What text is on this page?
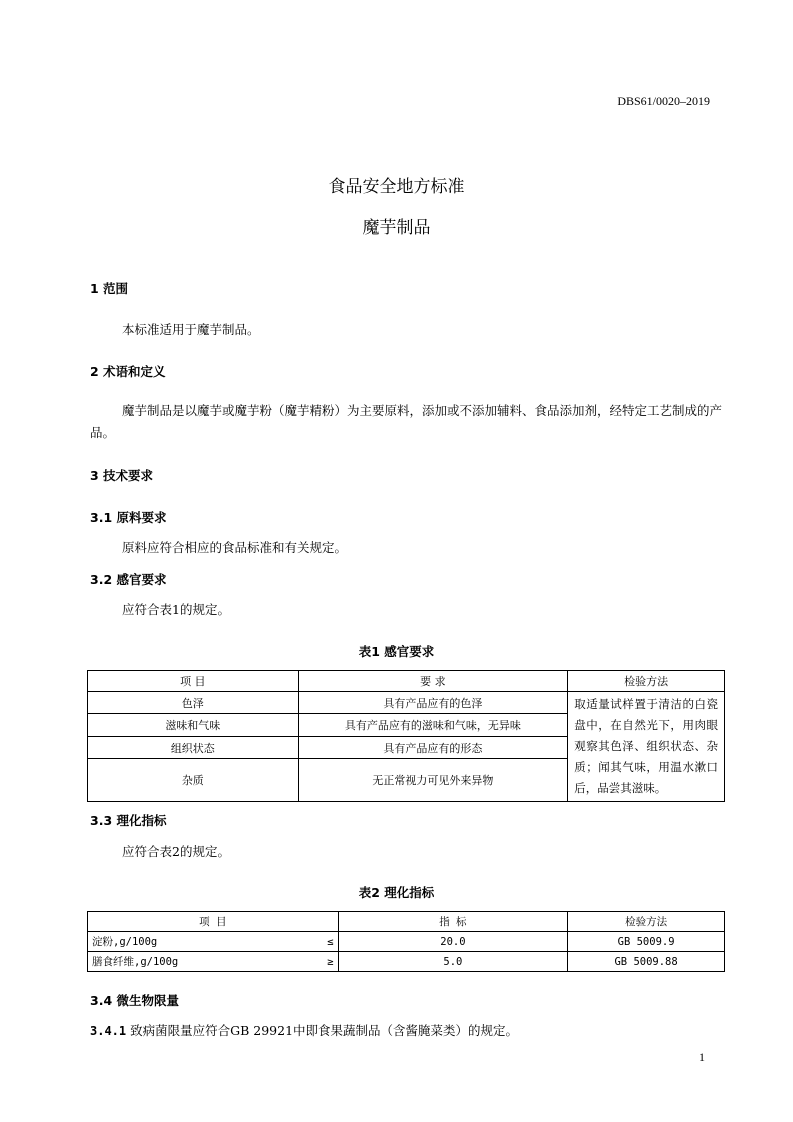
DBS61/0020–2019
食品安全地方标准
魔芋制品
1 范围
本标准适用于魔芋制品。
2 术语和定义
魔芋制品是以魔芋或魔芋粉（魔芋精粉）为主要原料，添加或不添加辅料、食品添加剂，经特定工艺制成的产品。
3 技术要求
3.1 原料要求
原料应符合相应的食品标准和有关规定。
3.2 感官要求
应符合表1的规定。
表1 感官要求
项 目	要 求	检验方法
色泽	具有产品应有的色泽	取适量试样置于清洁的白瓷盘中，在自然光下，用肉眼观察其色泽、组织状态、杂质；闻其气味，用温水漱口后，品尝其滋味。
滋味和气味	具有产品应有的滋味和气味，无异味	
组织状态	具有产品应有的形态	
杂质	无正常视力可见外来异物	
3.3 理化指标
应符合表2的规定。
表2 理化指标
项 目		指 标	检验方法
淀粉,g/100g	≤	20.0	GB 5009.9
膳食纤维,g/100g	≥	5.0	GB 5009.88
3.4 微生物限量
3.4.1 致病菌限量应符合GB 29921中即食果蔬制品（含酱腌菜类）的规定。
1
